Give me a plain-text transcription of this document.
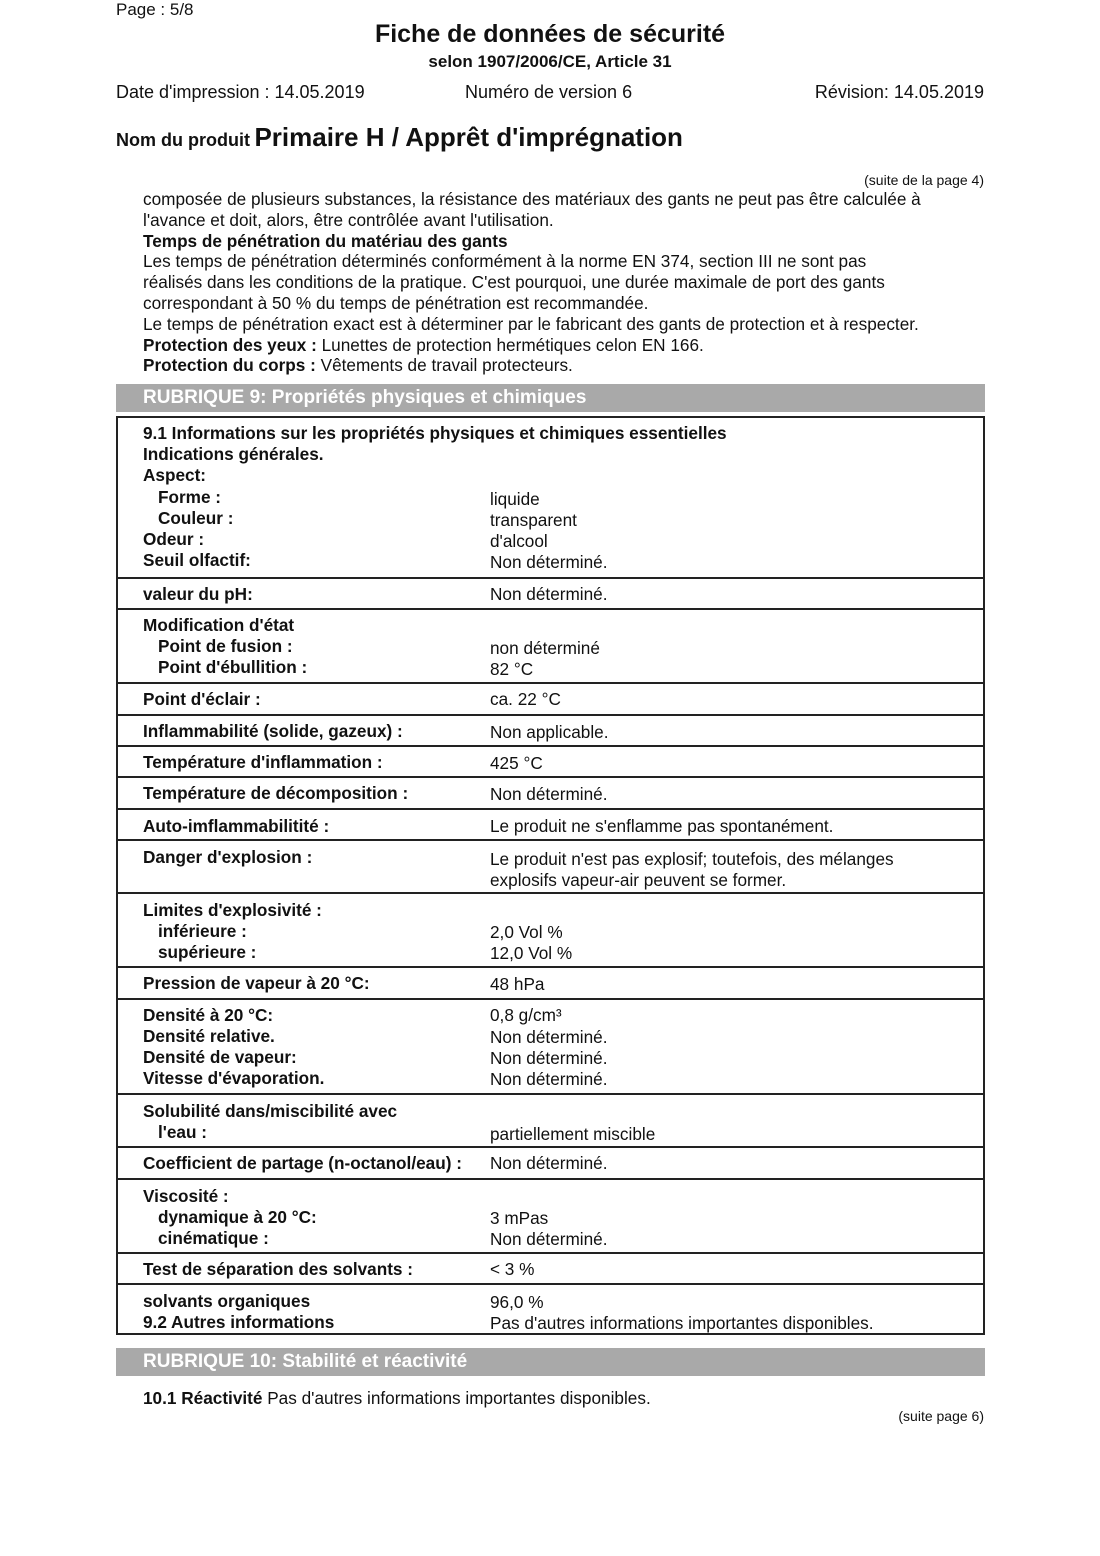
Page : 5/8
Fiche de données de sécurité
selon 1907/2006/CE, Article 31
Date d'impression : 14.05.2019	Numéro de version 6	Révision: 14.05.2019
Nom du produit Primaire H / Apprêt d'imprégnation
(suite de la page 4)
composée de plusieurs substances, la résistance des matériaux des gants ne peut pas être calculée à
l'avance et doit, alors, être contrôlée avant l'utilisation.
Temps de pénétration du matériau des gants
Les temps de pénétration déterminés conformément à la norme EN 374, section III ne sont pas
réalisés dans les conditions de la pratique. C'est pourquoi, une durée maximale de port des gants
correspondant à 50 % du temps de pénétration est recommandée.
Le temps de pénétration exact est à déterminer par le fabricant des gants de protection et à respecter.
Protection des yeux : Lunettes de protection hermétiques celon EN 166.
Protection du corps : Vêtements de travail protecteurs.
RUBRIQUE 9: Propriétés physiques et chimiques
9.1 Informations sur les propriétés physiques et chimiques essentielles
Indications générales.
Aspect:
Forme :	liquide
Couleur :	transparent
Odeur :	d'alcool
Seuil olfactif:	Non déterminé.
valeur du pH:	Non déterminé.
Modification d'état
Point de fusion :	non déterminé
Point d'ébullition :	82 °C
Point d'éclair :	ca. 22 °C
Inflammabilité (solide, gazeux) :	Non applicable.
Température d'inflammation :	425 °C
Température de décomposition :	Non déterminé.
Auto-imflammabilitité :	Le produit ne s'enflamme pas spontanément.
Danger d'explosion :	Le produit n'est pas explosif; toutefois, des mélanges
explosifs vapeur-air peuvent se former.
Limites d'explosivité :
inférieure :	2,0 Vol %
supérieure :	12,0 Vol %
Pression de vapeur à 20 °C:	48 hPa
Densité à 20 °C:	0,8 g/cm³
Densité relative.	Non déterminé.
Densité de vapeur:	Non déterminé.
Vitesse d'évaporation.	Non déterminé.
Solubilité dans/miscibilité avec
l'eau :	partiellement miscible
Coefficient de partage (n-octanol/eau) : Non déterminé.
Viscosité :
dynamique à 20 °C:	3 mPas
cinématique :	Non déterminé.
Test de séparation des solvants :	< 3 %
solvants organiques	96,0 %
9.2 Autres informations	Pas d'autres informations importantes disponibles.
RUBRIQUE 10: Stabilité et réactivité
10.1 Réactivité Pas d'autres informations importantes disponibles.
(suite page 6)
